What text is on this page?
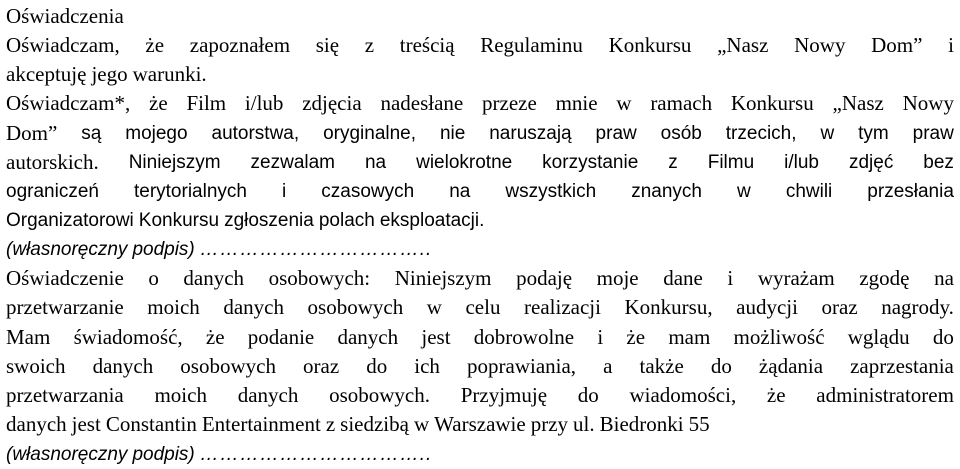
Oświadczenia
Oświadczam, że zapoznałem się z treścią Regulaminu Konkursu „Nasz Nowy Dom” i
akceptuję jego warunki.
Oświadczam*, że Film i/lub zdjęcia nadesłane przeze mnie w ramach Konkursu „Nasz Nowy
Dom” są mojego autorstwa, oryginalne, nie naruszają praw osób trzecich, w tym praw
autorskich. Niniejszym zezwalam na wielokrotne korzystanie z Filmu i/lub zdjęć bez
ograniczeń terytorialnych i czasowych na wszystkich znanych w chwili przesłania
Organizatorowi Konkursu zgłoszenia polach eksploatacji.
(własnoręczny podpis) ……………………………..
Oświadczenie o danych osobowych: Niniejszym podaję moje dane i wyrażam zgodę na
przetwarzanie moich danych osobowych w celu realizacji Konkursu, audycji oraz nagrody.
Mam świadomość, że podanie danych jest dobrowolne i że mam możliwość wglądu do
swoich danych osobowych oraz do ich poprawiania, a także do żądania zaprzestania
przetwarzania moich danych osobowych. Przyjmuję do wiadomości, że administratorem
danych jest Constantin Entertainment z siedzibą w Warszawie przy ul. Biedronki 55
(własnoręczny podpis) ……………………………..
